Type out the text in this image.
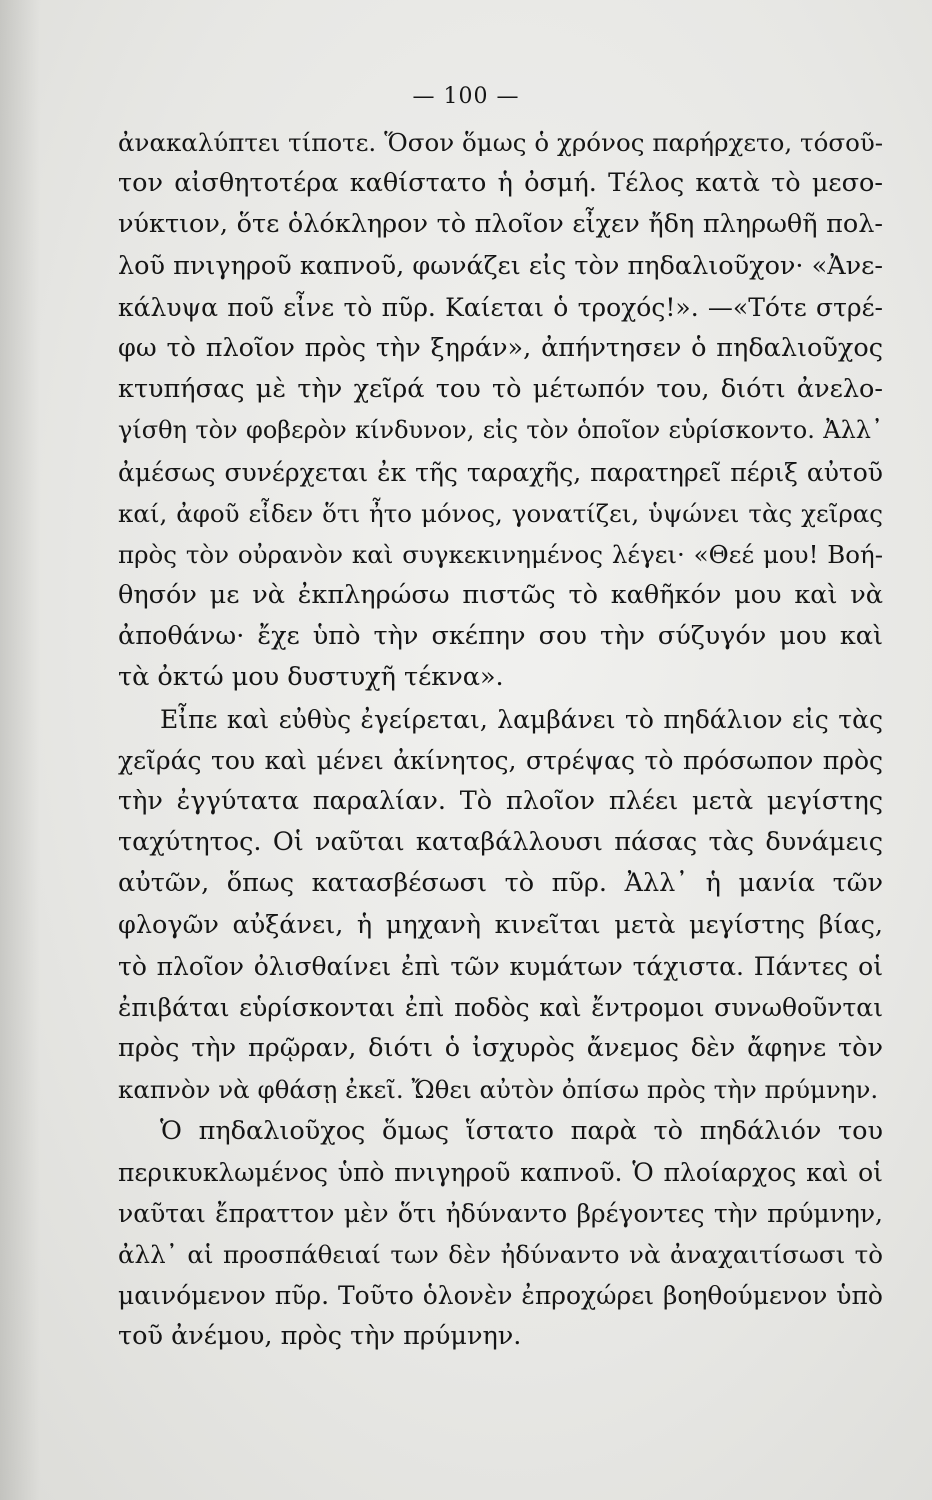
— 100 —
ἀνακαλύπτει τίποτε. Ὅσον ὅμως ὁ χρόνος παρήρχετο, τόσοῦ-
τον αἰσθητοτέρα καθίστατο ἡ ὀσμή. Τέλος κατὰ τὸ μεσο-
νύκτιον, ὅτε ὁλόκληρον τὸ πλοῖον εἶχεν ἤδη πληρωθῆ πολ-
λοῦ πνιγηροῦ καπνοῦ, φωνάζει εἰς τὸν πηδαλιοῦχον· «Ἀνε-
κάλυψα ποῦ εἶνε τὸ πῦρ. Καίεται ὁ τροχός!». —«Τότε στρέ-
φω τὸ πλοῖον πρὸς τὴν ξηράν», ἀπήντησεν ὁ πηδαλιοῦχος
κτυπήσας μὲ τὴν χεῖρά του τὸ μέτωπόν του, διότι ἀνελο-
γίσθη τὸν φοβερὸν κίνδυνον, εἰς τὸν ὁποῖον εὑρίσκοντο. Ἀλλ᾿
ἀμέσως συνέρχεται ἐκ τῆς ταραχῆς, παρατηρεῖ πέριξ αὐτοῦ
καί, ἀφοῦ εἶδεν ὅτι ἦτο μόνος, γονατίζει, ὑψώνει τὰς χεῖρας
πρὸς τὸν οὐρανὸν καὶ συγκεκινημένος λέγει· «Θεέ μου! Βοή-
θησόν με νὰ ἐκπληρώσω πιστῶς τὸ καθῆκόν μου καὶ νὰ
ἀποθάνω· ἔχε ὑπὸ τὴν σκέπην σου τὴν σύζυγόν μου καὶ
τὰ ὀκτώ μου δυστυχῆ τέκνα».
Εἶπε καὶ εὐθὺς ἐγείρεται, λαμβάνει τὸ πηδάλιον εἰς τὰς
χεῖράς του καὶ μένει ἀκίνητος, στρέψας τὸ πρόσωπον πρὸς
τὴν ἐγγύτατα παραλίαν. Τὸ πλοῖον πλέει μετὰ μεγίστης
ταχύτητος. Οἱ ναῦται καταβάλλουσι πάσας τὰς δυνάμεις
αὐτῶν, ὅπως κατασβέσωσι τὸ πῦρ. Ἀλλ᾿ ἡ μανία τῶν
φλογῶν αὐξάνει, ἡ μηχανὴ κινεῖται μετὰ μεγίστης βίας,
τὸ πλοῖον ὀλισθαίνει ἐπὶ τῶν κυμάτων τάχιστα. Πάντες οἱ
ἐπιβάται εὑρίσκονται ἐπὶ ποδὸς καὶ ἔντρομοι συνωθοῦνται
πρὸς τὴν πρῷραν, διότι ὁ ἰσχυρὸς ἄνεμος δὲν ἄφηνε τὸν
καπνὸν νὰ φθάσῃ ἐκεῖ. Ὤθει αὐτὸν ὀπίσω πρὸς τὴν πρύμνην.
Ὁ πηδαλιοῦχος ὅμως ἵστατο παρὰ τὸ πηδάλιόν του
περικυκλωμένος ὑπὸ πνιγηροῦ καπνοῦ. Ὁ πλοίαρχος καὶ οἱ
ναῦται ἔπραττον μὲν ὅτι ἠδύναντο βρέγοντες τὴν πρύμνην,
ἀλλ᾿ αἱ προσπάθειαί των δὲν ἠδύναντο νὰ ἀναχαιτίσωσι τὸ
μαινόμενον πῦρ. Τοῦτο ὁλονὲν ἐπροχώρει βοηθούμενον ὑπὸ
τοῦ ἀνέμου, πρὸς τὴν πρύμνην.
